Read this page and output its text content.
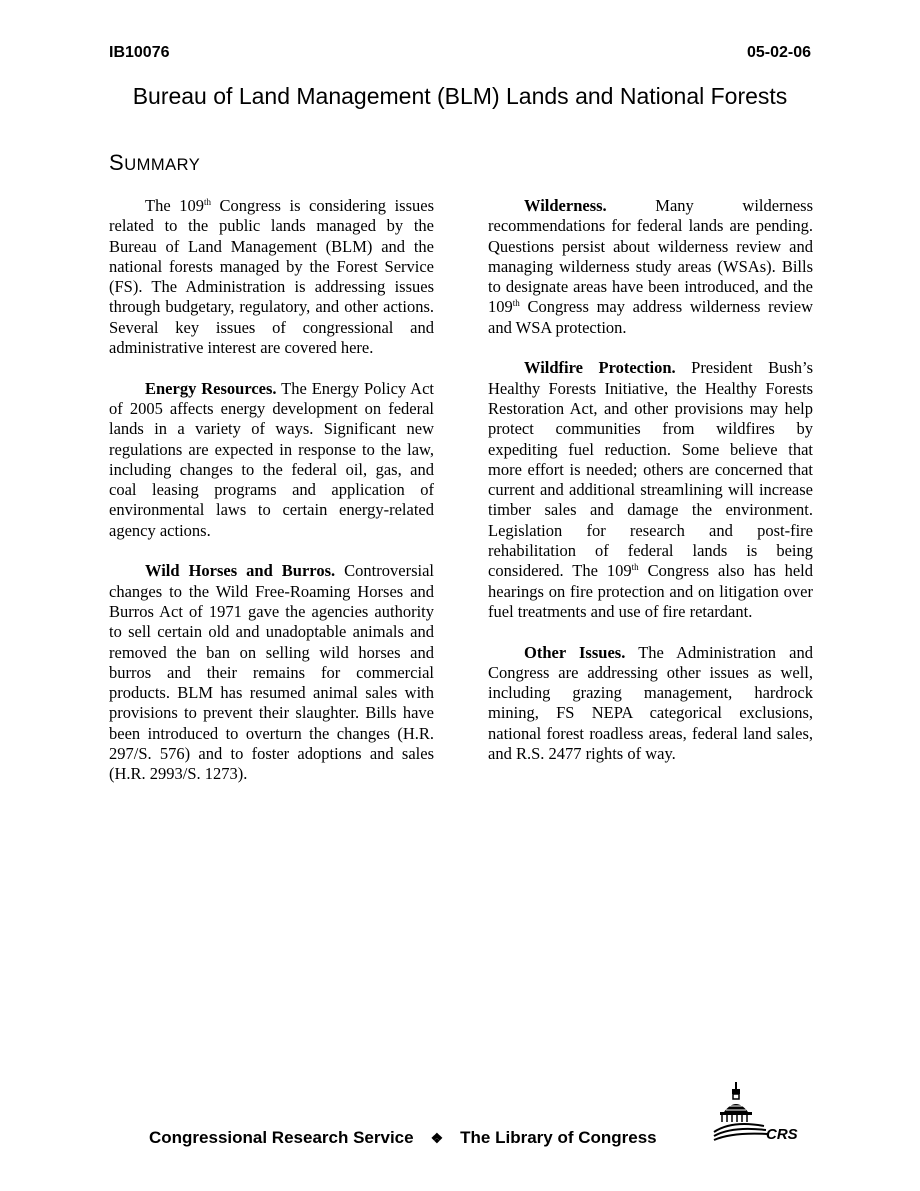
IB10076	05-02-06
Bureau of Land Management (BLM) Lands and National Forests
SUMMARY

The 109th Congress is considering issues related to the public lands managed by the Bureau of Land Management (BLM) and the national forests managed by the Forest Service (FS). The Administration is addressing issues through budgetary, regulatory, and other actions. Several key issues of congressional and administrative interest are covered here.

Energy Resources. The Energy Policy Act of 2005 affects energy development on federal lands in a variety of ways. Significant new regulations are expected in response to the law, including changes to the federal oil, gas, and coal leasing programs and application of environmental laws to certain energy-related agency actions.

Wild Horses and Burros. Controversial changes to the Wild Free-Roaming Horses and Burros Act of 1971 gave the agencies authority to sell certain old and unadoptable animals and removed the ban on selling wild horses and burros and their remains for commercial products. BLM has resumed animal sales with provisions to prevent their slaughter. Bills have been introduced to overturn the changes (H.R. 297/S. 576) and to foster adoptions and sales (H.R. 2993/S. 1273).

Wilderness. Many wilderness recommendations for federal lands are pending. Questions persist about wilderness review and managing wilderness study areas (WSAs). Bills to designate areas have been introduced, and the 109th Congress may address wilderness review and WSA protection.

Wildfire Protection. President Bush’s Healthy Forests Initiative, the Healthy Forests Restoration Act, and other provisions may help protect communities from wildfires by expediting fuel reduction. Some believe that more effort is needed; others are concerned that current and additional streamlining will increase timber sales and damage the environment. Legislation for research and post-fire rehabilitation of federal lands is being considered. The 109th Congress also has held hearings on fire protection and on litigation over fuel treatments and use of fire retardant.

Other Issues. The Administration and Congress are addressing other issues as well, including grazing management, hardrock mining, FS NEPA categorical exclusions, national forest roadless areas, federal land sales, and R.S. 2477 rights of way.

Congressional Research Service ❖ The Library of Congress	CRS
